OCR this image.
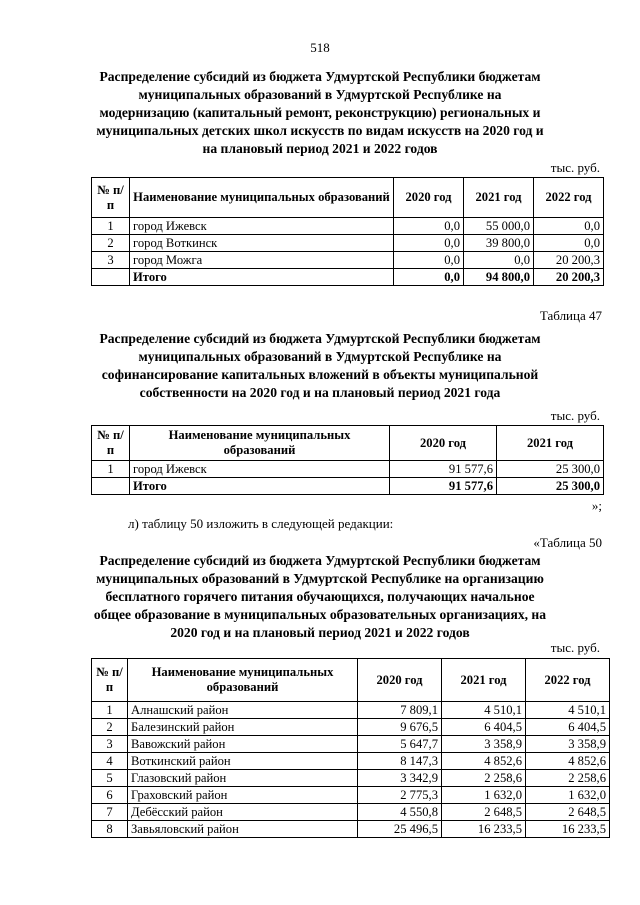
518
Распределение субсидий из бюджета Удмуртской Республики бюджетам
муниципальных образований в Удмуртской Республике на
модернизацию (капитальный ремонт, реконструкцию) региональных и
муниципальных детских школ искусств по видам искусств на 2020 год и
на плановый период 2021 и 2022 годов
тыс. руб.
№ п/п	Наименование муниципальных образований	2020 год	2021 год	2022 год
1	город Ижевск	0,0	55 000,0	0,0
2	город Воткинск	0,0	39 800,0	0,0
3	город Можга	0,0	0,0	20 200,3
	Итого	0,0	94 800,0	20 200,3
Таблица 47
Распределение субсидий из бюджета Удмуртской Республики бюджетам
муниципальных образований в Удмуртской Республике на
софинансирование капитальных вложений в объекты муниципальной
собственности на 2020 год и на плановый период 2021 года
тыс. руб.
№ п/п	Наименование муниципальных образований	2020 год	2021 год
1	город Ижевск	91 577,6	25 300,0
	Итого	91 577,6	25 300,0
»;
л) таблицу 50 изложить в следующей редакции:
«Таблица 50
Распределение субсидий из бюджета Удмуртской Республики бюджетам
муниципальных образований в Удмуртской Республике на организацию
бесплатного горячего питания обучающихся, получающих начальное
общее образование в муниципальных образовательных организациях, на
2020 год и на плановый период 2021 и 2022 годов
тыс. руб.
№ п/п	Наименование муниципальных образований	2020 год	2021 год	2022 год
1	Алнашский район	7 809,1	4 510,1	4 510,1
2	Балезинский район	9 676,5	6 404,5	6 404,5
3	Вавожский район	5 647,7	3 358,9	3 358,9
4	Воткинский район	8 147,3	4 852,6	4 852,6
5	Глазовский район	3 342,9	2 258,6	2 258,6
6	Граховский район	2 775,3	1 632,0	1 632,0
7	Дебёсский район	4 550,8	2 648,5	2 648,5
8	Завьяловский район	25 496,5	16 233,5	16 233,5
